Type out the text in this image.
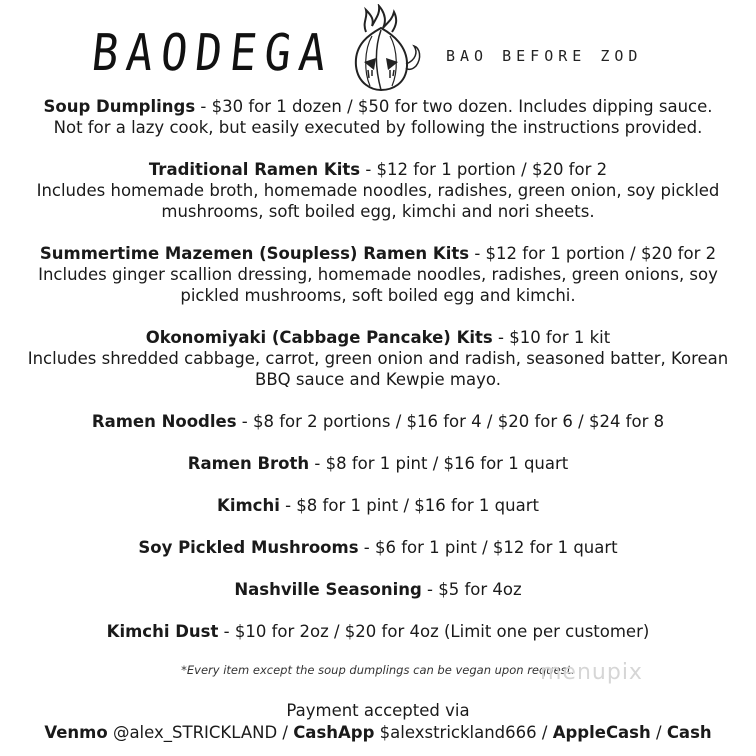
BAODEGA	BAO BEFORE ZOD
Soup Dumplings - $30 for 1 dozen / $50 for two dozen. Includes dipping sauce.
Not for a lazy cook, but easily executed by following the instructions provided.
Traditional Ramen Kits - $12 for 1 portion / $20 for 2
Includes homemade broth, homemade noodles, radishes, green onion, soy pickled mushrooms, soft boiled egg, kimchi and nori sheets.
Summertime Mazemen (Soupless) Ramen Kits - $12 for 1 portion / $20 for 2
Includes ginger scallion dressing, homemade noodles, radishes, green onions, soy pickled mushrooms, soft boiled egg and kimchi.
Okonomiyaki (Cabbage Pancake) Kits - $10 for 1 kit
Includes shredded cabbage, carrot, green onion and radish, seasoned batter, Korean BBQ sauce and Kewpie mayo.
Ramen Noodles - $8 for 2 portions / $16 for 4 / $20 for 6 / $24 for 8
Ramen Broth - $8 for 1 pint / $16 for 1 quart
Kimchi - $8 for 1 pint / $16 for 1 quart
Soy Pickled Mushrooms - $6 for 1 pint / $12 for 1 quart
Nashville Seasoning - $5 for 4oz
Kimchi Dust - $10 for 2oz / $20 for 4oz (Limit one per customer)
*Every item except the soup dumplings can be vegan upon request.
menupix
Payment accepted via
Venmo @alex_STRICKLAND / CashApp $alexstrickland666 / AppleCash / Cash
